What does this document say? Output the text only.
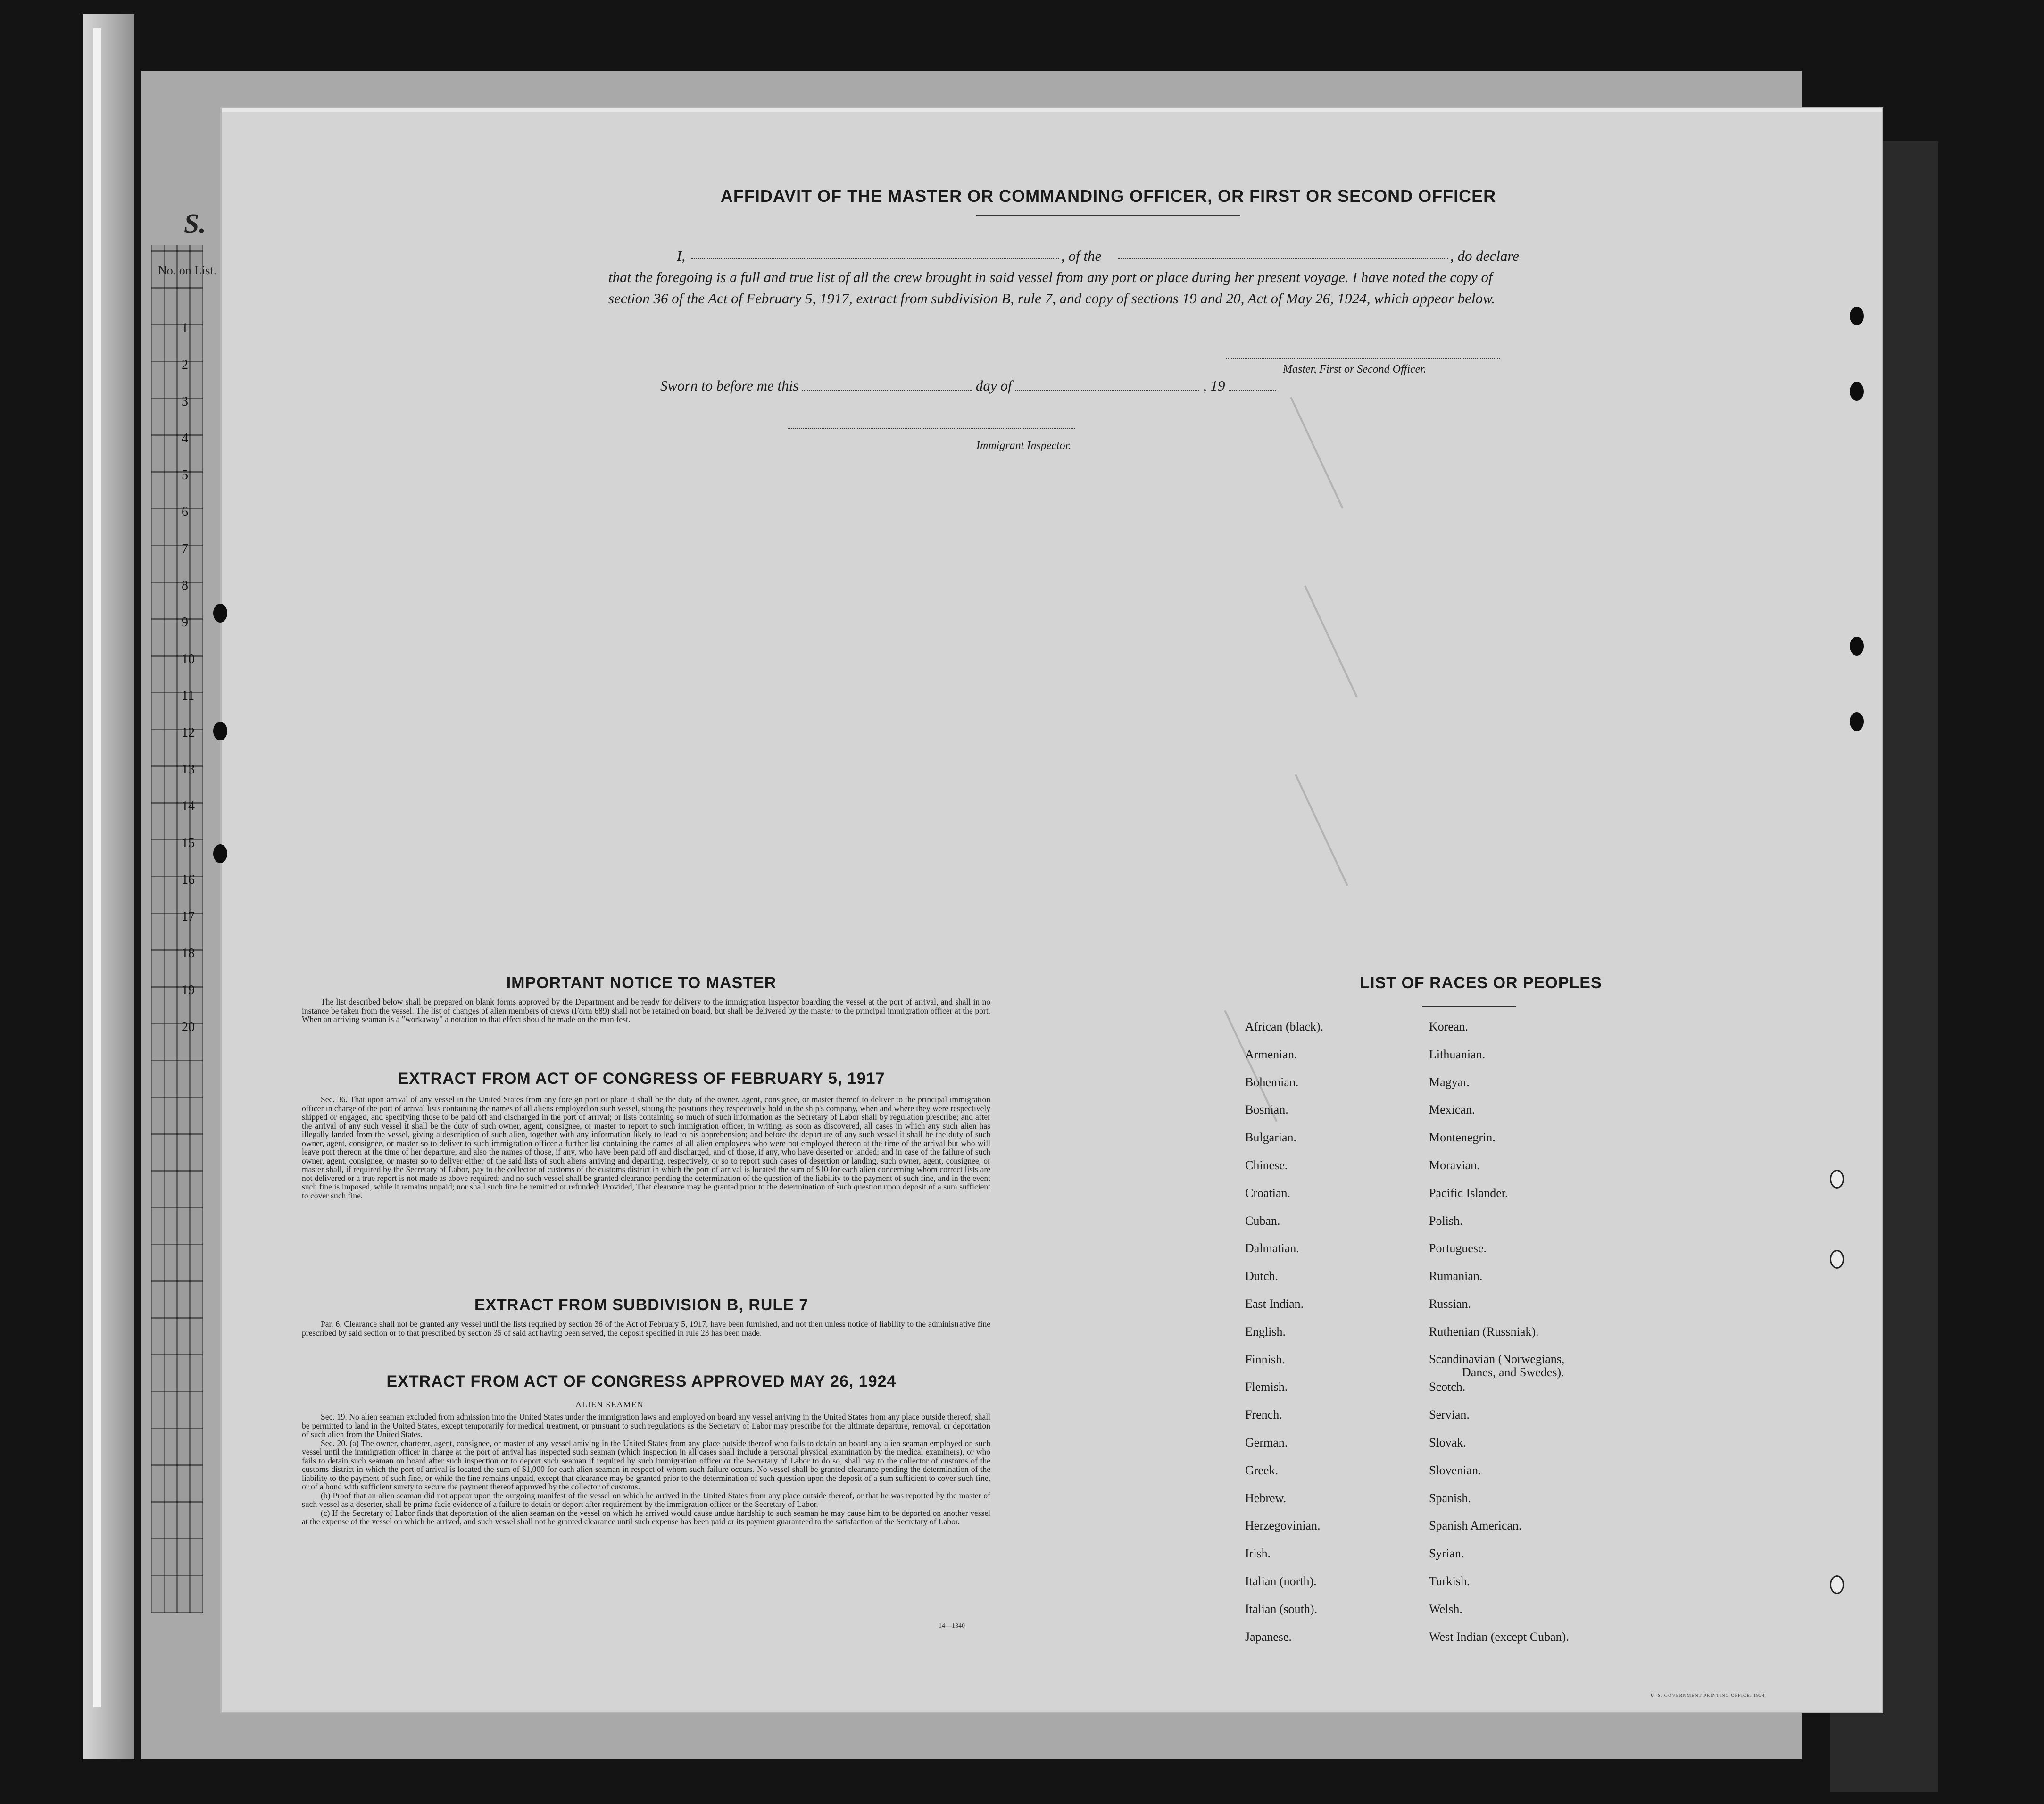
S.
No. on List.
1
2
3
4
5
6
7
8
9
10
11
12
13
14
15
16
17
18
19
20
AFFIDAVIT OF THE MASTER OR COMMANDING OFFICER, OR FIRST OR SECOND OFFICER
I,	, of the	, do declare
that the foregoing is a full and true list of all the crew brought in said vessel from any port or place during her present voyage. I have noted the copy of section 36 of the Act of February 5, 1917, extract from subdivision B, rule 7, and copy of sections 19 and 20, Act of May 26, 1924, which appear below.
Master, First or Second Officer.
Sworn to before me this	day of	, 19
Immigrant Inspector.
IMPORTANT NOTICE TO MASTER

The list described below shall be prepared on blank forms approved by the Department and be ready for delivery to the immigration inspector boarding the vessel at the port of arrival, and shall in no instance be taken from the vessel. The list of changes of alien members of crews (Form 689) shall not be retained on board, but shall be delivered by the master to the principal immigration officer at the port. When an arriving seaman is a "workaway" a notation to that effect should be made on the manifest.

EXTRACT FROM ACT OF CONGRESS OF FEBRUARY 5, 1917

Sec. 36. That upon arrival of any vessel in the United States from any foreign port or place it shall be the duty of the owner, agent, consignee, or master thereof to deliver to the principal immigration officer in charge of the port of arrival lists containing the names of all aliens employed on such vessel, stating the positions they respectively hold in the ship's company, when and where they were respectively shipped or engaged, and specifying those to be paid off and discharged in the port of arrival; or lists containing so much of such information as the Secretary of Labor shall by regulation prescribe; and after the arrival of any such vessel it shall be the duty of such owner, agent, consignee, or master to report to such immigration officer, in writing, as soon as discovered, all cases in which any such alien has illegally landed from the vessel, giving a description of such alien, together with any information likely to lead to his apprehension; and before the departure of any such vessel it shall be the duty of such owner, agent, consignee, or master so to deliver to such immigration officer a further list containing the names of all alien employees who were not employed thereon at the time of the arrival but who will leave port thereon at the time of her departure, and also the names of those, if any, who have been paid off and discharged, and of those, if any, who have deserted or landed; and in case of the failure of such owner, agent, consignee, or master so to deliver either of the said lists of such aliens arriving and departing, respectively, or so to report such cases of desertion or landing, such owner, agent, consignee, or master shall, if required by the Secretary of Labor, pay to the collector of customs of the customs district in which the port of arrival is located the sum of $10 for each alien concerning whom correct lists are not delivered or a true report is not made as above required; and no such vessel shall be granted clearance pending the determination of the question of the liability to the payment of such fine, and in the event such fine is imposed, while it remains unpaid; nor shall such fine be remitted or refunded: Provided, That clearance may be granted prior to the determination of such question upon deposit of a sum sufficient to cover such fine.

EXTRACT FROM SUBDIVISION B, RULE 7

Par. 6. Clearance shall not be granted any vessel until the lists required by section 36 of the Act of February 5, 1917, have been furnished, and not then unless notice of liability to the administrative fine prescribed by said section or to that prescribed by section 35 of said act having been served, the deposit specified in rule 23 has been made.

EXTRACT FROM ACT OF CONGRESS APPROVED MAY 26, 1924
ALIEN SEAMEN

Sec. 19. No alien seaman excluded from admission into the United States under the immigration laws and employed on board any vessel arriving in the United States from any place outside thereof, shall be permitted to land in the United States, except temporarily for medical treatment, or pursuant to such regulations as the Secretary of Labor may prescribe for the ultimate departure, removal, or deportation of such alien from the United States.

Sec. 20. (a) The owner, charterer, agent, consignee, or master of any vessel arriving in the United States from any place outside thereof who fails to detain on board any alien seaman employed on such vessel until the immigration officer in charge at the port of arrival has inspected such seaman (which inspection in all cases shall include a personal physical examination by the medical examiners), or who fails to detain such seaman on board after such inspection or to deport such seaman if required by such immigration officer or the Secretary of Labor to do so, shall pay to the collector of customs of the customs district in which the port of arrival is located the sum of $1,000 for each alien seaman in respect of whom such failure occurs. No vessel shall be granted clearance pending the determination of the liability to the payment of such fine, or while the fine remains unpaid, except that clearance may be granted prior to the determination of such question upon the deposit of a sum sufficient to cover such fine, or of a bond with sufficient surety to secure the payment thereof approved by the collector of customs.

(b) Proof that an alien seaman did not appear upon the outgoing manifest of the vessel on which he arrived in the United States from any place outside thereof, or that he was reported by the master of such vessel as a deserter, shall be prima facie evidence of a failure to detain or deport after requirement by the immigration officer or the Secretary of Labor.

(c) If the Secretary of Labor finds that deportation of the alien seaman on the vessel on which he arrived would cause undue hardship to such seaman he may cause him to be deported on another vessel at the expense of the vessel on which he arrived, and such vessel shall not be granted clearance until such expense has been paid or its payment guaranteed to the satisfaction of the Secretary of Labor.

14—1340
LIST OF RACES OR PEOPLES
African (black).
Armenian.
Bohemian.
Bosnian.
Bulgarian.
Chinese.
Croatian.
Cuban.
Dalmatian.
Dutch.
East Indian.
English.
Finnish.
Flemish.
French.
German.
Greek.
Hebrew.
Herzegovinian.
Irish.
Italian (north).
Italian (south).
Japanese.
Korean.
Lithuanian.
Magyar.
Mexican.
Montenegrin.
Moravian.
Pacific Islander.
Polish.
Portuguese.
Rumanian.
Russian.
Ruthenian (Russniak).
Scandinavian (Norwegians,
Danes, and Swedes).
Scotch.
Servian.
Slovak.
Slovenian.
Spanish.
Spanish American.
Syrian.
Turkish.
Welsh.
West Indian (except Cuban).
U. S. GOVERNMENT PRINTING OFFICE: 1924
